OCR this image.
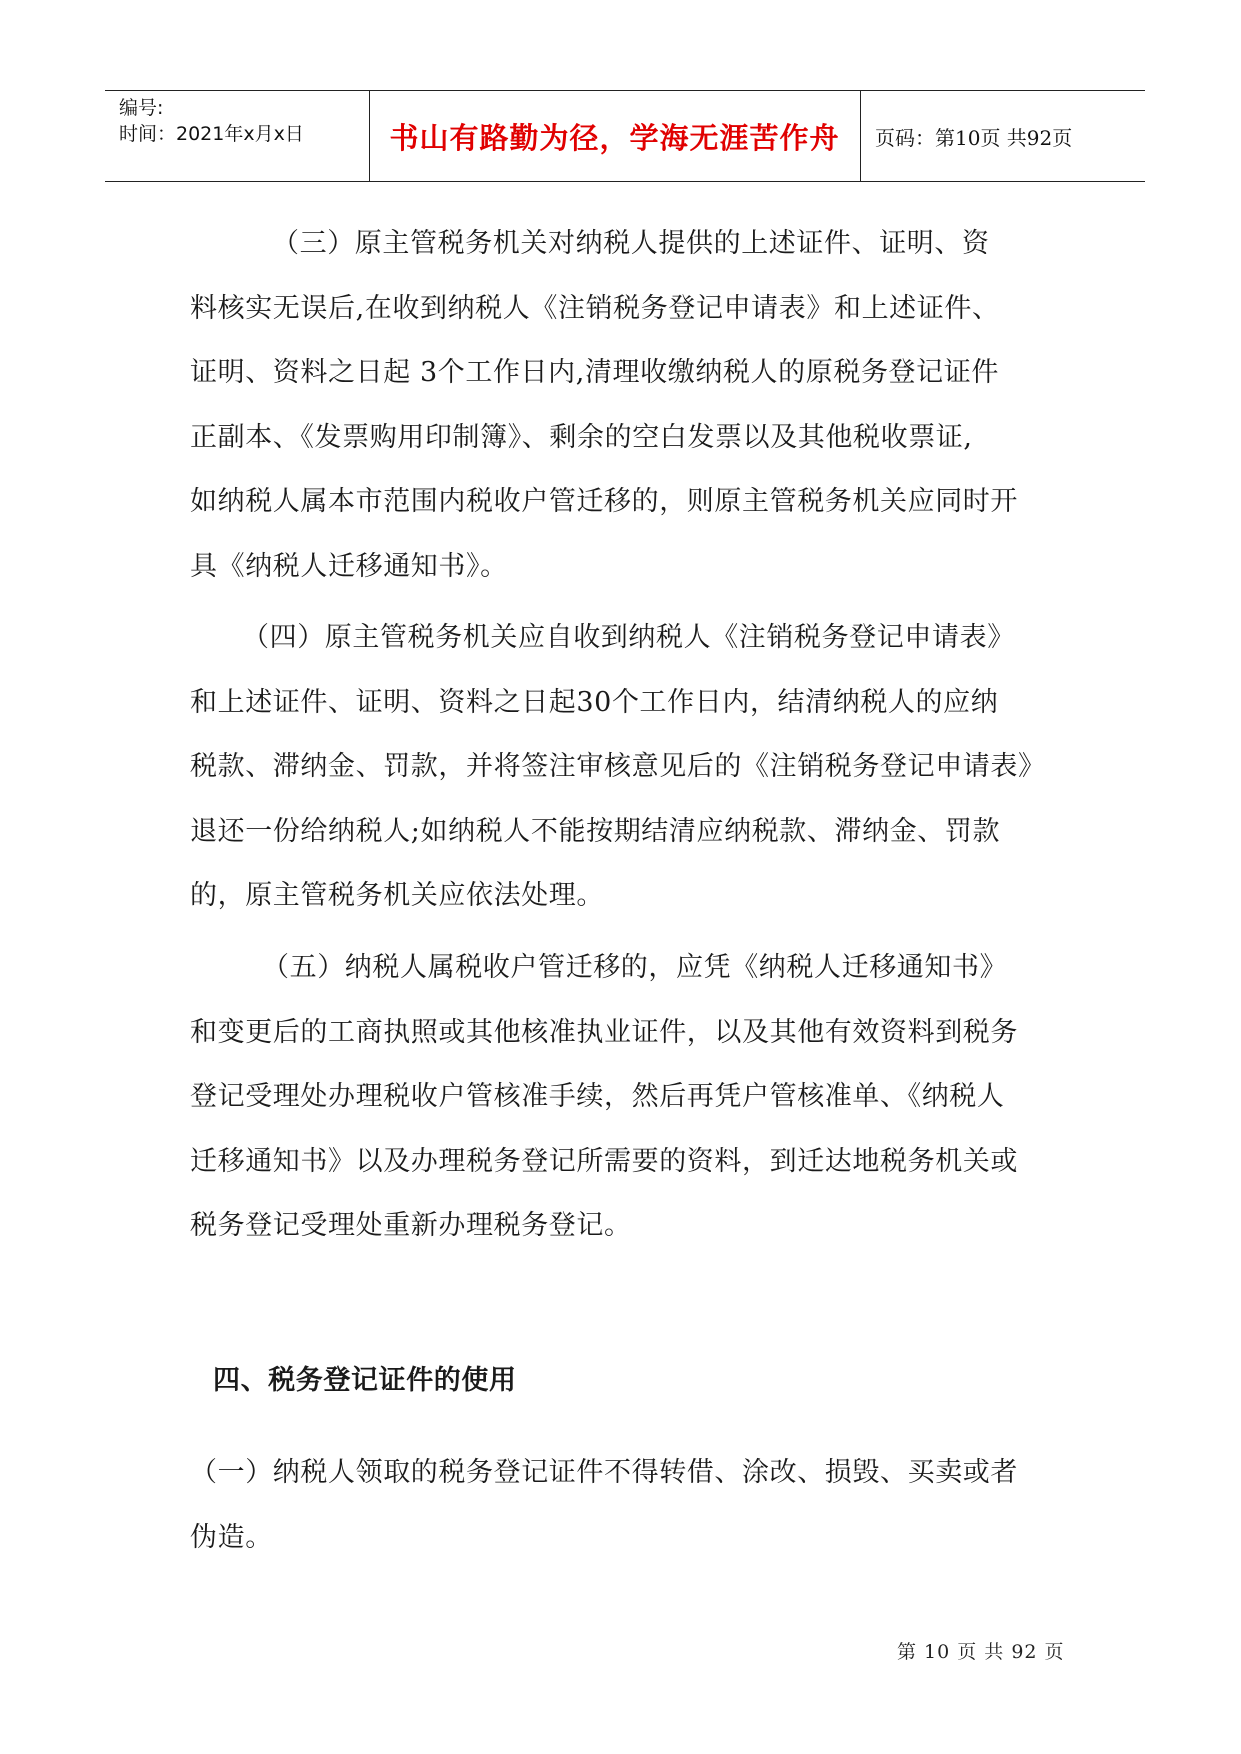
编号:
时间：2021年x月x日	书山有路勤为径，学海无涯苦作舟	页码：第10页 共92页

（三）原主管税务机关对纳税人提供的上述证件、证明、资
料核实无误后,在收到纳税人《注销税务登记申请表》和上述证件、
证明、资料之日起 3个工作日内,清理收缴纳税人的原税务登记证件
正副本、《发票购用印制簿》、剩余的空白发票以及其他税收票证,
如纳税人属本市范围内税收户管迁移的，则原主管税务机关应同时开
具《纳税人迁移通知书》。

（四）原主管税务机关应自收到纳税人《注销税务登记申请表》
和上述证件、证明、资料之日起30个工作日内，结清纳税人的应纳
税款、滞纳金、罚款，并将签注审核意见后的《注销税务登记申请表》
退还一份给纳税人;如纳税人不能按期结清应纳税款、滞纳金、罚款
的，原主管税务机关应依法处理。

（五）纳税人属税收户管迁移的，应凭《纳税人迁移通知书》
和变更后的工商执照或其他核准执业证件，以及其他有效资料到税务
登记受理处办理税收户管核准手续，然后再凭户管核准单、《纳税人
迁移通知书》以及办理税务登记所需要的资料，到迁达地税务机关或
税务登记受理处重新办理税务登记。

四、税务登记证件的使用

（一）纳税人领取的税务登记证件不得转借、涂改、损毁、买卖或者
伪造。

第 10 页 共 92 页
